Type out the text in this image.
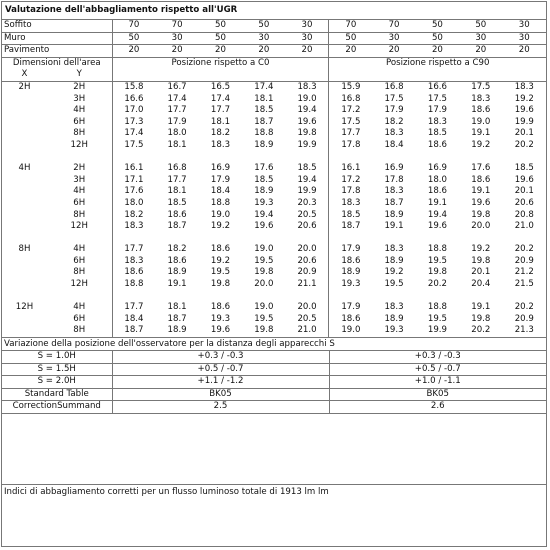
Valutazione dell'abbagliamento rispetto all'UGR
Soffito	70	70	50	50	30	70	70	50	50	30
Muro	50	30	50	30	30	50	30	50	30	30
Pavimento	20	20	20	20	20	20	20	20	20	20
Dimensioni dell'area		Posizione rispetto a C0					Posizione rispetto a C90				
X	Y										
2H	2H	15.8	16.7	16.5	17.4	18.3	15.9	16.8	16.6	17.5	18.3
	3H	16.6	17.4	17.4	18.1	19.0	16.8	17.5	17.5	18.3	19.2
	4H	17.0	17.7	17.7	18.5	19.4	17.2	17.9	17.9	18.6	19.6
	6H	17.3	17.9	18.1	18.7	19.6	17.5	18.2	18.3	19.0	19.9
	8H	17.4	18.0	18.2	18.8	19.8	17.7	18.3	18.5	19.1	20.1
	12H	17.5	18.1	18.3	18.9	19.9	17.8	18.4	18.6	19.2	20.2

4H	2H	16.1	16.8	16.9	17.6	18.5	16.1	16.9	16.9	17.6	18.5
	3H	17.1	17.7	17.9	18.5	19.4	17.2	17.8	18.0	18.6	19.6
	4H	17.6	18.1	18.4	18.9	19.9	17.8	18.3	18.6	19.1	20.1
	6H	18.0	18.5	18.8	19.3	20.3	18.3	18.7	19.1	19.6	20.6
	8H	18.2	18.6	19.0	19.4	20.5	18.5	18.9	19.4	19.8	20.8
	12H	18.3	18.7	19.2	19.6	20.6	18.7	19.1	19.6	20.0	21.0

8H	4H	17.7	18.2	18.6	19.0	20.0	17.9	18.3	18.8	19.2	20.2
	6H	18.3	18.6	19.2	19.5	20.6	18.6	18.9	19.5	19.8	20.9
	8H	18.6	18.9	19.5	19.8	20.9	18.9	19.2	19.8	20.1	21.2
	12H	18.8	19.1	19.8	20.0	21.1	19.3	19.5	20.2	20.4	21.5

12H	4H	17.7	18.1	18.6	19.0	20.0	17.9	18.3	18.8	19.1	20.2
	6H	18.4	18.7	19.3	19.5	20.5	18.6	18.9	19.5	19.8	20.9
	8H	18.7	18.9	19.6	19.8	21.0	19.0	19.3	19.9	20.2	21.3
Variazione della posizione dell'osservatore per la distanza degli apparecchi S
S = 1.0H	+0.3 / -0.3	+0.3 / -0.3
S = 1.5H	+0.5 / -0.7	+0.5 / -0.7
S = 2.0H	+1.1 / -1.2	+1.0 / -1.1
Standard Table	BK05	BK05
CorrectionSummand	2.5	2.6
Indici di abbagliamento corretti per un flusso luminoso totale di 1913 lm lm
